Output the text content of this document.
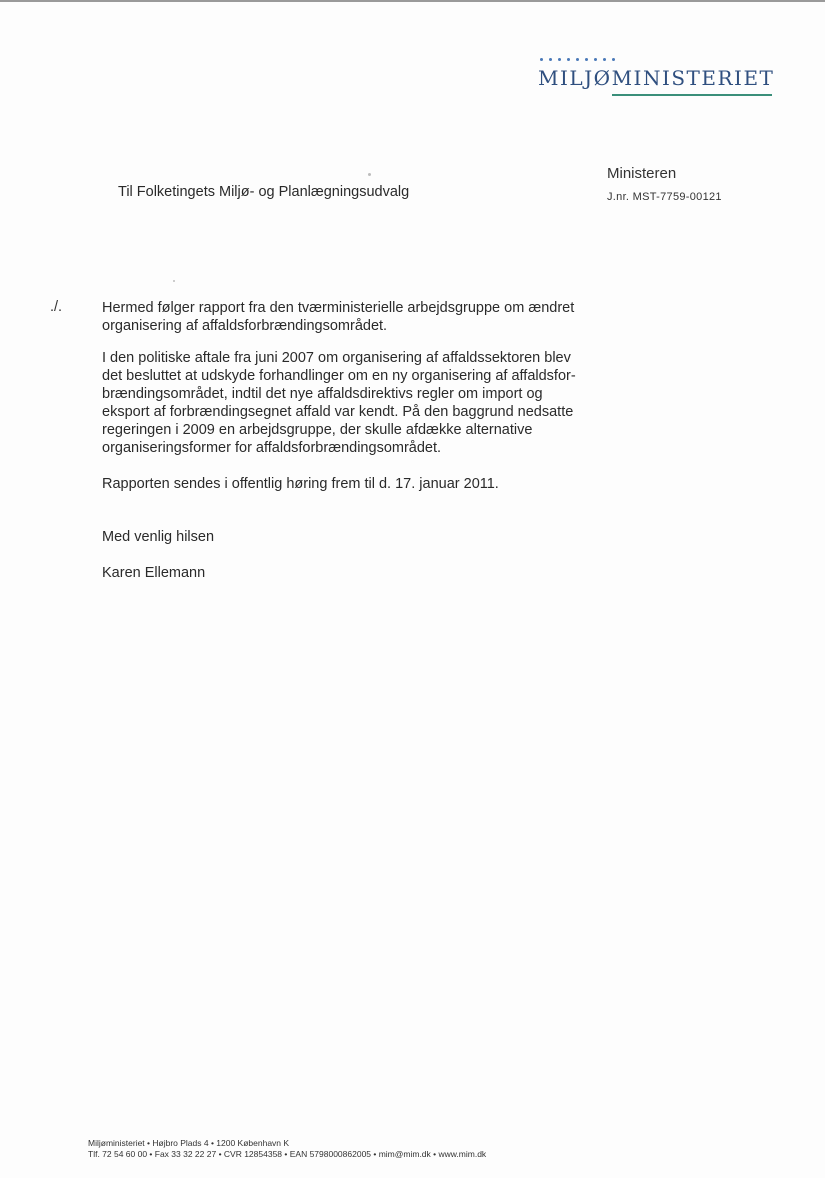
MILJØMINISTERIET
Ministeren
J.nr. MST-7759-00121
Til Folketingets Miljø- og Planlægningsudvalg
./.	Hermed følger rapport fra den tværministerielle arbejdsgruppe om ændret
organisering af affaldsforbrændingsområdet.
I den politiske aftale fra juni 2007 om organisering af affaldssektoren blev
det besluttet at udskyde forhandlinger om en ny organisering af affaldsfor-
brændingsområdet, indtil det nye affaldsdirektivs regler om import og
eksport af forbrændingsegnet affald var kendt. På den baggrund nedsatte
regeringen i 2009 en arbejdsgruppe, der skulle afdække alternative
organiseringsformer for affaldsforbrændingsområdet.
Rapporten sendes i offentlig høring frem til d. 17. januar 2011.
Med venlig hilsen
Karen Ellemann
Miljøministeriet • Højbro Plads 4 • 1200 København K
Tlf. 72 54 60 00 • Fax 33 32 22 27 • CVR 12854358 • EAN 5798000862005 • mim@mim.dk • www.mim.dk
